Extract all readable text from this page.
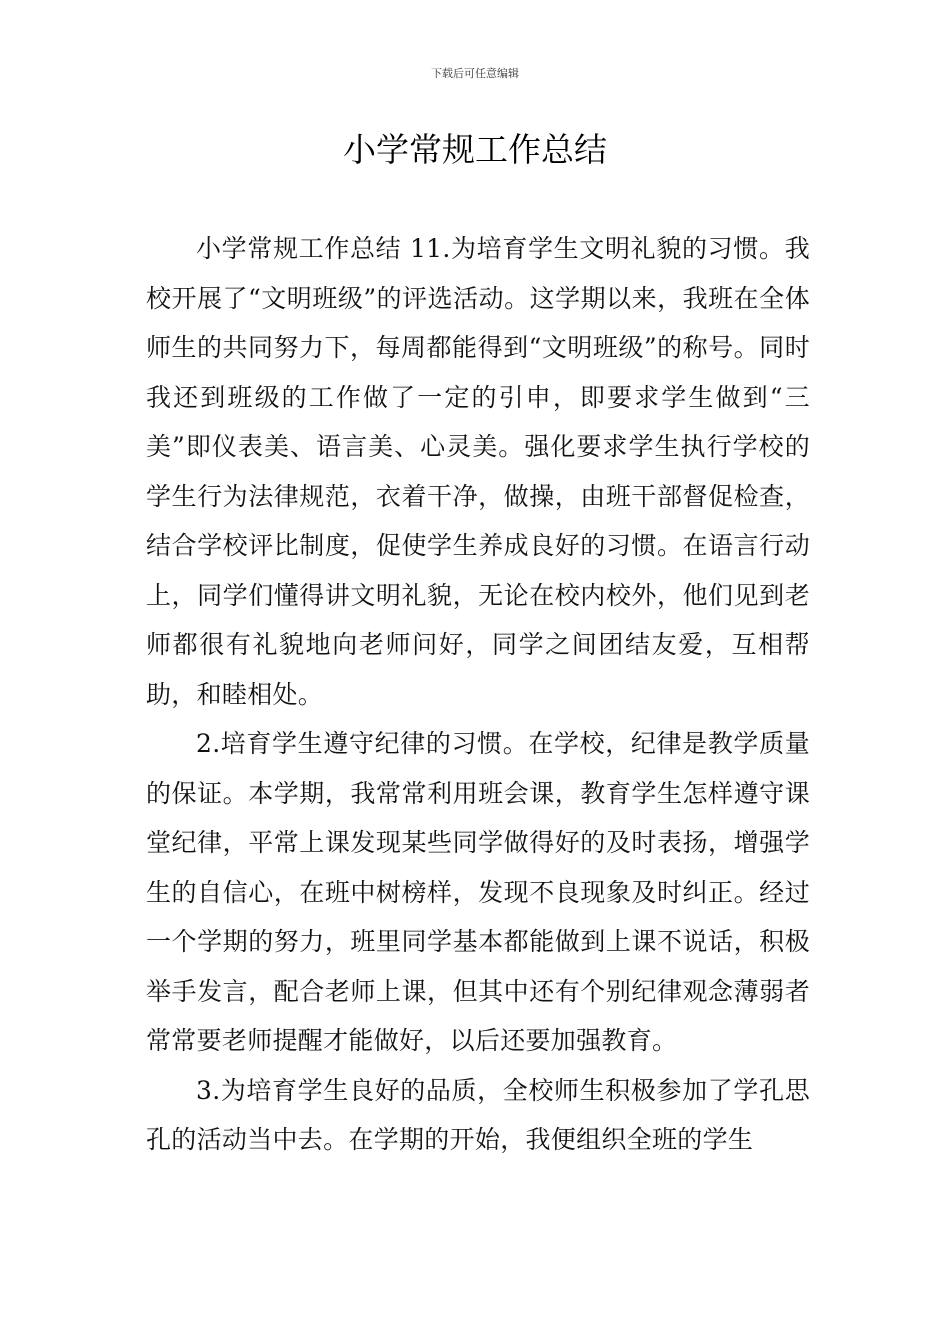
下载后可任意编辑
小学常规工作总结

小学常规工作总结 11.为培育学生文明礼貌的习惯。我校开展了“文明班级”的评选活动。这学期以来，我班在全体师生的共同努力下，每周都能得到“文明班级”的称号。同时我还到班级的工作做了一定的引申，即要求学生做到“三美”即仪表美、语言美、心灵美。强化要求学生执行学校的学生行为法律规范，衣着干净，做操，由班干部督促检查，结合学校评比制度，促使学生养成良好的习惯。在语言行动上，同学们懂得讲文明礼貌，无论在校内校外，他们见到老师都很有礼貌地向老师问好，同学之间团结友爱，互相帮助，和睦相处。

2.培育学生遵守纪律的习惯。在学校，纪律是教学质量的保证。本学期，我常常利用班会课，教育学生怎样遵守课堂纪律，平常上课发现某些同学做得好的及时表扬，增强学生的自信心，在班中树榜样，发现不良现象及时纠正。经过一个学期的努力，班里同学基本都能做到上课不说话，积极举手发言，配合老师上课，但其中还有个别纪律观念薄弱者常常要老师提醒才能做好，以后还要加强教育。

3.为培育学生良好的品质，全校师生积极参加了学孔思孔的活动当中去。在学期的开始，我便组织全班的学生
